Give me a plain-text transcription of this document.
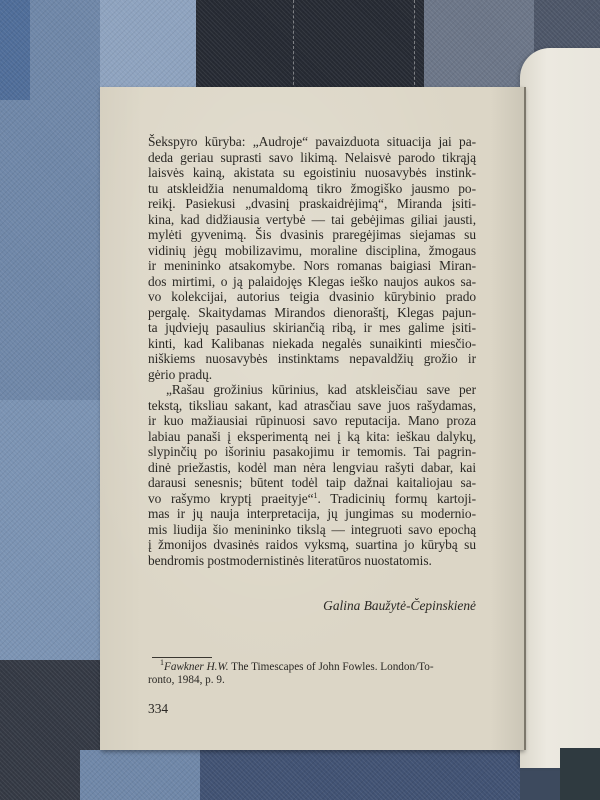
Šekspyro kūryba: „Audroje“ pavaizduota situacija jai pa-
deda geriau suprasti savo likimą. Nelaisvė parodo tikrąją
laisvės kainą, akistata su egoistiniu nuosavybės instink-
tu atskleidžia nenumaldomą tikro žmogiško jausmo po-
reikį. Pasiekusi „dvasinį praskaidrėjimą“, Miranda įsiti-
kina, kad didžiausia vertybė — tai gebėjimas giliai jausti,
mylėti gyvenimą. Šis dvasinis praregėjimas siejamas su
vidinių jėgų mobilizavimu, moraline disciplina, žmogaus
ir menininko atsakomybe. Nors romanas baigiasi Miran-
dos mirtimi, o ją palaidojęs Klegas ieško naujos aukos sa-
vo kolekcijai, autorius teigia dvasinio kūrybinio prado
pergalę. Skaitydamas Mirandos dienoraštį, Klegas pajun-
ta jųdviejų pasaulius skiriančią ribą, ir mes galime įsiti-
kinti, kad Kalibanas niekada negalės sunaikinti miesčio-
niškiems nuosavybės instinktams nepavaldžių grožio ir
gėrio pradų.

„Rašau grožinius kūrinius, kad atskleisčiau save per
tekstą, tiksliau sakant, kad atrasčiau save juos rašydamas,
ir kuo mažiausiai rūpinuosi savo reputacija. Mano proza
labiau panaši į eksperimentą nei į ką kita: ieškau dalykų,
slypinčių po išoriniu pasakojimu ir temomis. Tai pagrin-
dinė priežastis, kodėl man nėra lengviau rašyti dabar, kai
darausi senesnis; būtent todėl taip dažnai kaitaliojau sa-
vo rašymo kryptį praeityje“$^1$. Tradicinių formų kartoji-
mas ir jų nauja interpretacija, jų jungimas su modernio-
mis liudija šio menininko tikslą — integruoti savo epochą
į žmonijos dvasinės raidos vyksmą, suartina jo kūrybą su
bendromis postmodernistinės literatūros nuostatomis.

Galina Baužytė-Čepinskienė
$^1$Fawkner H.W. The Timescapes of John Fowles. London/To-
ronto, 1984, p. 9.
334
